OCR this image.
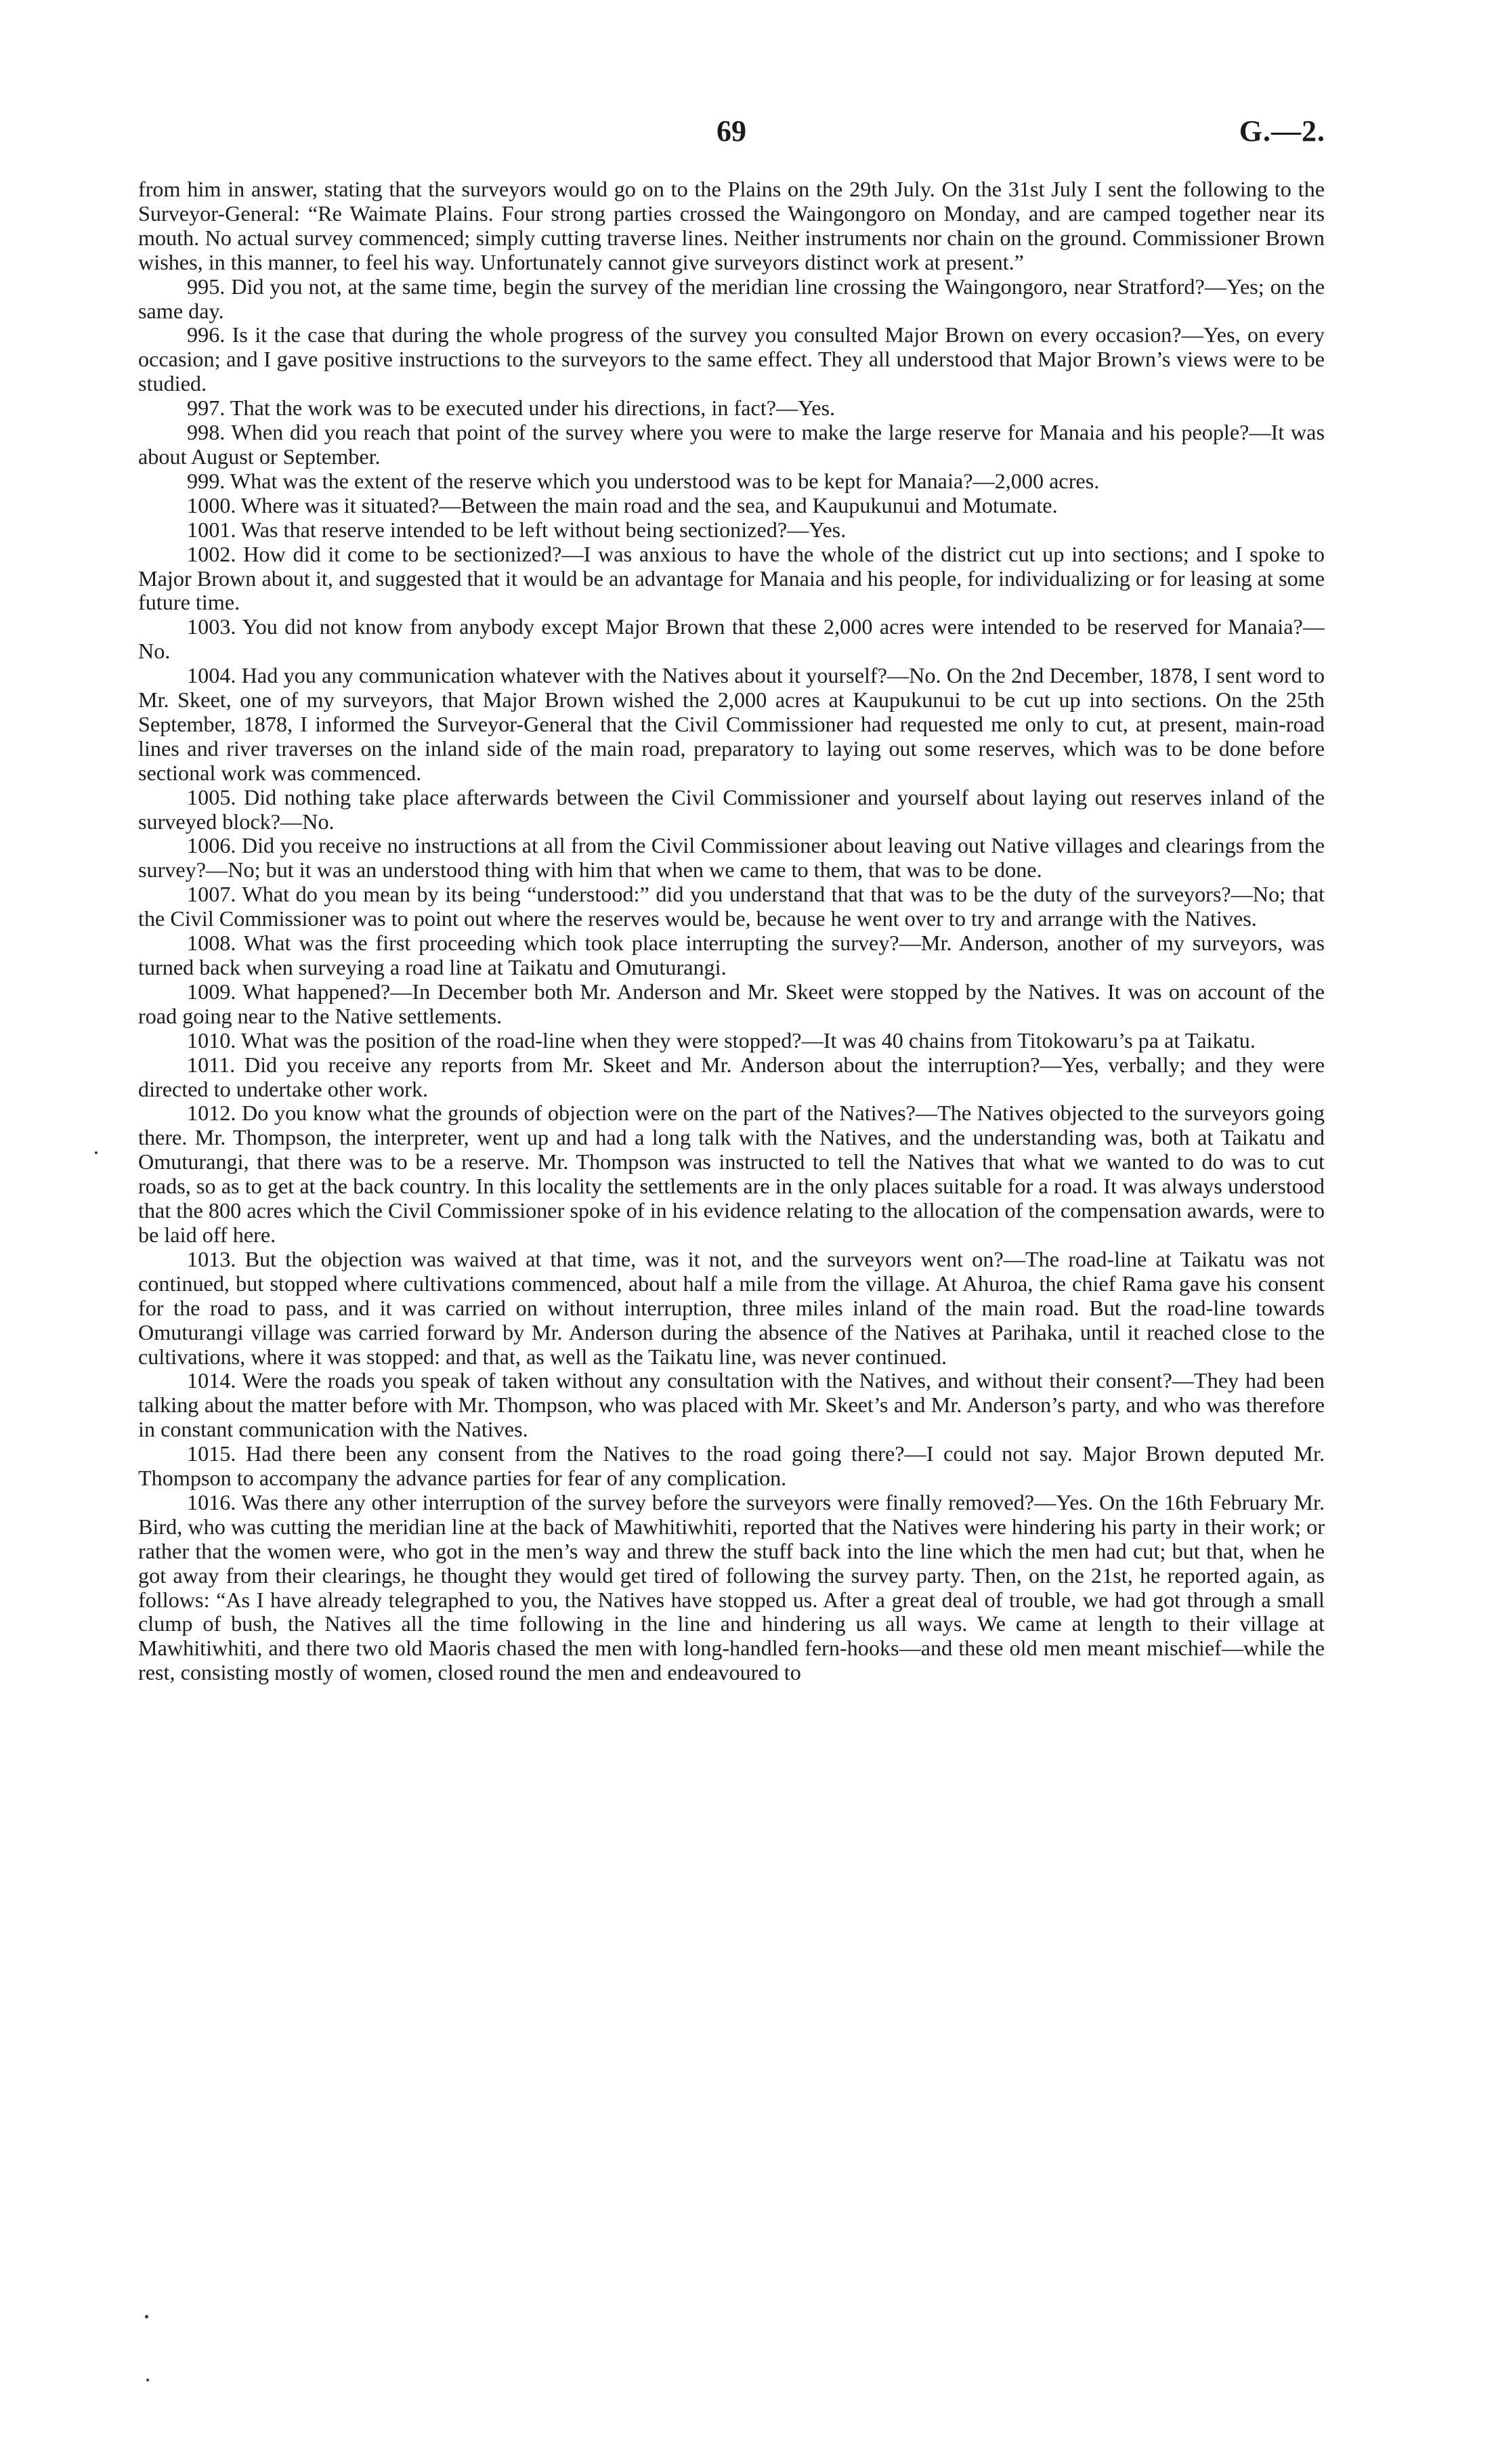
69	G.—2.

from him in answer, stating that the surveyors would go on to the Plains on the 29th July. On the 31st July I sent the following to the Surveyor-General: “Re Waimate Plains. Four strong parties crossed the Waingongoro on Monday, and are camped together near its mouth. No actual survey commenced; simply cutting traverse lines. Neither instruments nor chain on the ground. Commissioner Brown wishes, in this manner, to feel his way. Unfortunately cannot give surveyors distinct work at present.”

995. Did you not, at the same time, begin the survey of the meridian line crossing the Waingongoro, near Stratford?—Yes; on the same day.

996. Is it the case that during the whole progress of the survey you consulted Major Brown on every occasion?—Yes, on every occasion; and I gave positive instructions to the surveyors to the same effect. They all understood that Major Brown’s views were to be studied.

997. That the work was to be executed under his directions, in fact?—Yes.

998. When did you reach that point of the survey where you were to make the large reserve for Manaia and his people?—It was about August or September.

999. What was the extent of the reserve which you understood was to be kept for Manaia?—2,000 acres.

1000. Where was it situated?—Between the main road and the sea, and Kaupukunui and Motumate.

1001. Was that reserve intended to be left without being sectionized?—Yes.

1002. How did it come to be sectionized?—I was anxious to have the whole of the district cut up into sections; and I spoke to Major Brown about it, and suggested that it would be an advantage for Manaia and his people, for individualizing or for leasing at some future time.

1003. You did not know from anybody except Major Brown that these 2,000 acres were intended to be reserved for Manaia?—No.

1004. Had you any communication whatever with the Natives about it yourself?—No. On the 2nd December, 1878, I sent word to Mr. Skeet, one of my surveyors, that Major Brown wished the 2,000 acres at Kaupukunui to be cut up into sections. On the 25th September, 1878, I informed the Surveyor-General that the Civil Commissioner had requested me only to cut, at present, main-road lines and river traverses on the inland side of the main road, preparatory to laying out some reserves, which was to be done before sectional work was commenced.

1005. Did nothing take place afterwards between the Civil Commissioner and yourself about laying out reserves inland of the surveyed block?—No.

1006. Did you receive no instructions at all from the Civil Commissioner about leaving out Native villages and clearings from the survey?—No; but it was an understood thing with him that when we came to them, that was to be done.

1007. What do you mean by its being “understood:” did you understand that that was to be the duty of the surveyors?—No; that the Civil Commissioner was to point out where the reserves would be, because he went over to try and arrange with the Natives.

1008. What was the first proceeding which took place interrupting the survey?—Mr. Anderson, another of my surveyors, was turned back when surveying a road line at Taikatu and Omuturangi.

1009. What happened?—In December both Mr. Anderson and Mr. Skeet were stopped by the Natives. It was on account of the road going near to the Native settlements.

1010. What was the position of the road-line when they were stopped?—It was 40 chains from Titokowaru’s pa at Taikatu.

1011. Did you receive any reports from Mr. Skeet and Mr. Anderson about the interruption?—Yes, verbally; and they were directed to undertake other work.

1012. Do you know what the grounds of objection were on the part of the Natives?—The Natives objected to the surveyors going there. Mr. Thompson, the interpreter, went up and had a long talk with the Natives, and the understanding was, both at Taikatu and Omuturangi, that there was to be a reserve. Mr. Thompson was instructed to tell the Natives that what we wanted to do was to cut roads, so as to get at the back country. In this locality the settlements are in the only places suitable for a road. It was always understood that the 800 acres which the Civil Commissioner spoke of in his evidence relating to the allocation of the compensation awards, were to be laid off here.

1013. But the objection was waived at that time, was it not, and the surveyors went on?—The road-line at Taikatu was not continued, but stopped where cultivations commenced, about half a mile from the village. At Ahuroa, the chief Rama gave his consent for the road to pass, and it was carried on without interruption, three miles inland of the main road. But the road-line towards Omuturangi village was carried forward by Mr. Anderson during the absence of the Natives at Parihaka, until it reached close to the cultivations, where it was stopped: and that, as well as the Taikatu line, was never continued.

1014. Were the roads you speak of taken without any consultation with the Natives, and without their consent?—They had been talking about the matter before with Mr. Thompson, who was placed with Mr. Skeet’s and Mr. Anderson’s party, and who was therefore in constant communication with the Natives.

1015. Had there been any consent from the Natives to the road going there?—I could not say. Major Brown deputed Mr. Thompson to accompany the advance parties for fear of any complication.

1016. Was there any other interruption of the survey before the surveyors were finally removed?—Yes. On the 16th February Mr. Bird, who was cutting the meridian line at the back of Mawhitiwhiti, reported that the Natives were hindering his party in their work; or rather that the women were, who got in the men’s way and threw the stuff back into the line which the men had cut; but that, when he got away from their clearings, he thought they would get tired of following the survey party. Then, on the 21st, he reported again, as follows: “As I have already telegraphed to you, the Natives have stopped us. After a great deal of trouble, we had got through a small clump of bush, the Natives all the time following in the line and hindering us all ways. We came at length to their village at Mawhitiwhiti, and there two old Maoris chased the men with long-handled fern-hooks—and these old men meant mischief—while the rest, consisting mostly of women, closed round the men and endeavoured to
